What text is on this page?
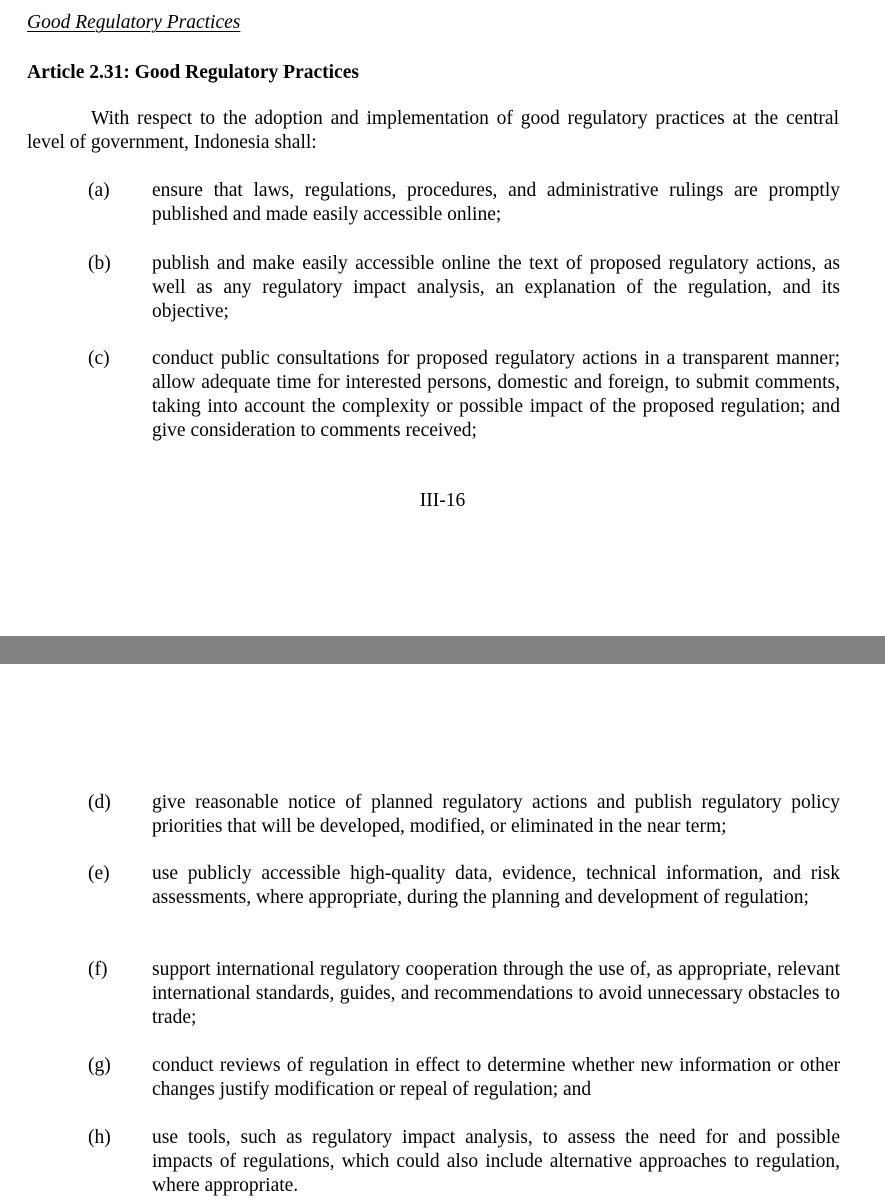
Good Regulatory Practices
Article 2.31: Good Regulatory Practices

With respect to the adoption and implementation of good regulatory practices at the central level of government, Indonesia shall:

(a) ensure that laws, regulations, procedures, and administrative rulings are promptly published and made easily accessible online;

(b) publish and make easily accessible online the text of proposed regulatory actions, as well as any regulatory impact analysis, an explanation of the regulation, and its objective;

(c) conduct public consultations for proposed regulatory actions in a transparent manner; allow adequate time for interested persons, domestic and foreign, to submit comments, taking into account the complexity or possible impact of the proposed regulation; and give consideration to comments received;

III-16
(d) give reasonable notice of planned regulatory actions and publish regulatory policy priorities that will be developed, modified, or eliminated in the near term;

(e) use publicly accessible high-quality data, evidence, technical information, and risk assessments, where appropriate, during the planning and development of regulation;

(f) support international regulatory cooperation through the use of, as appropriate, relevant international standards, guides, and recommendations to avoid unnecessary obstacles to trade;

(g) conduct reviews of regulation in effect to determine whether new information or other changes justify modification or repeal of regulation; and

(h) use tools, such as regulatory impact analysis, to assess the need for and possible impacts of regulations, which could also include alternative approaches to regulation, where appropriate.
